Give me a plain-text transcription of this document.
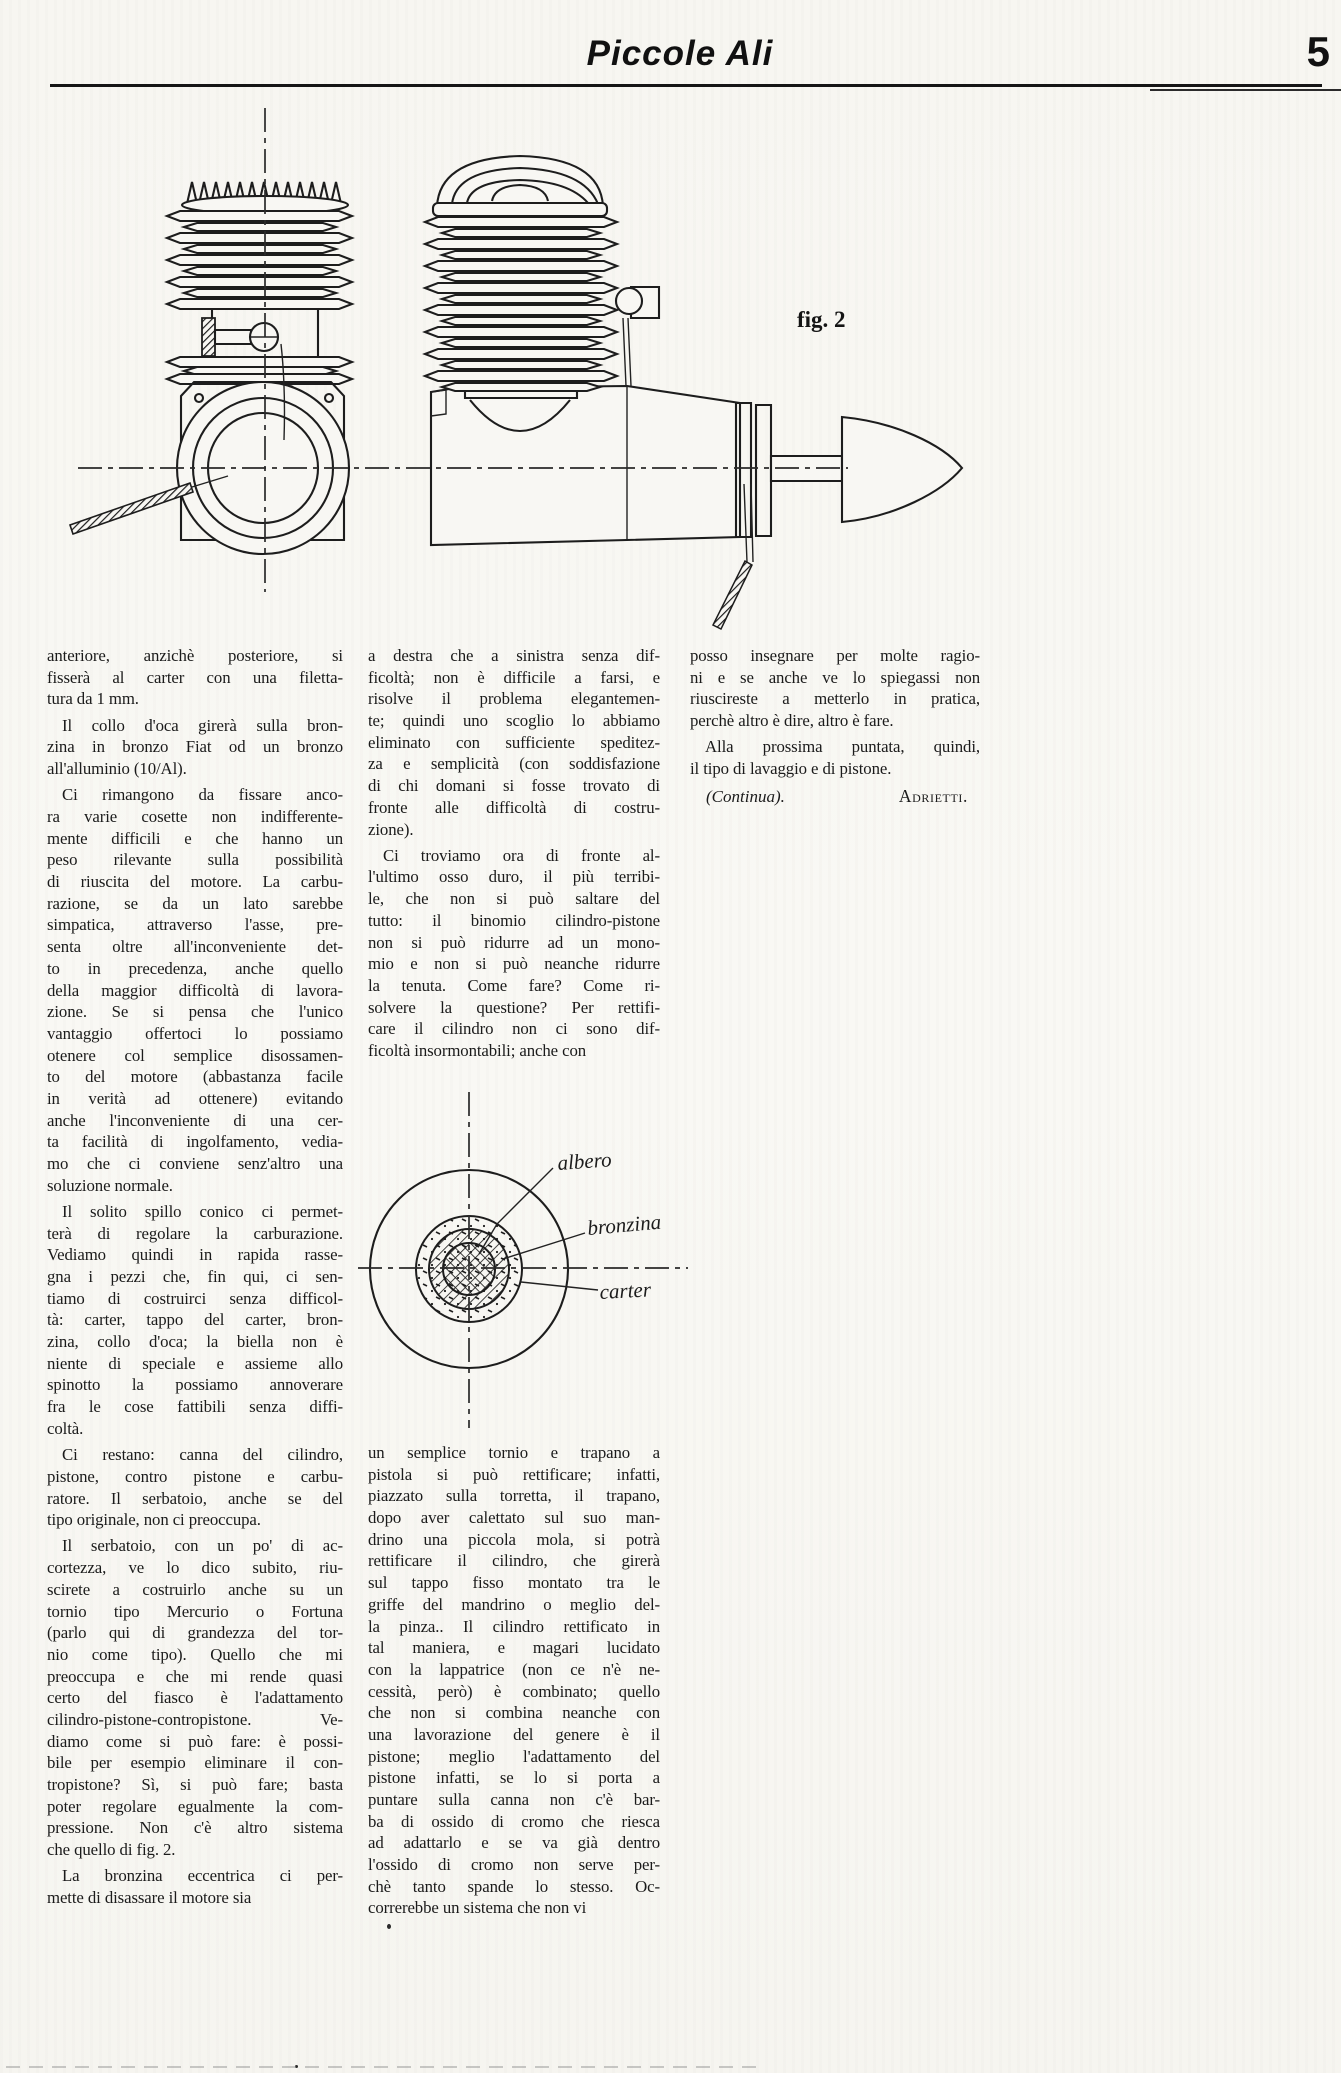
Piccole Ali	5
fig. 2
albero
bronzina
carter
anteriore, anzichè posteriore, si
fisserà al carter con una filetta-
tura da 1 mm.
Il collo d'oca girerà sulla bron-
zina in bronzo Fiat od un bronzo
all'alluminio (10/Al).
Ci rimangono da fissare anco-
ra varie cosette non indifferente-
mente difficili e che hanno un
peso rilevante sulla possibilità
di riuscita del motore. La carbu-
razione, se da un lato sarebbe
simpatica, attraverso l'asse, pre-
senta oltre all'inconveniente det-
to in precedenza, anche quello
della maggior difficoltà di lavora-
zione. Se si pensa che l'unico
vantaggio offertoci lo possiamo
otenere col semplice disossamen-
to del motore (abbastanza facile
in verità ad ottenere) evitando
anche l'inconveniente di una cer-
ta facilità di ingolfamento, vedia-
mo che ci conviene senz'altro una
soluzione normale.
Il solito spillo conico ci permet-
terà di regolare la carburazione.
Vediamo quindi in rapida rasse-
gna i pezzi che, fin qui, ci sen-
tiamo di costruirci senza difficol-
tà: carter, tappo del carter, bron-
zina, collo d'oca; la biella non è
niente di speciale e assieme allo
spinotto la possiamo annoverare
fra le cose fattibili senza diffi-
coltà.
Ci restano: canna del cilindro,
pistone, contro pistone e carbu-
ratore. Il serbatoio, anche se del
tipo originale, non ci preoccupa.
Il serbatoio, con un po' di ac-
cortezza, ve lo dico subito, riu-
scirete a costruirlo anche su un
tornio tipo Mercurio o Fortuna
(parlo qui di grandezza del tor-
nio come tipo). Quello che mi
preoccupa e che mi rende quasi
certo del fiasco è l'adattamento
cilindro-pistone-contropistone. Ve-
diamo come si può fare: è possi-
bile per esempio eliminare il con-
tropistone? Sì, si può fare; basta
poter regolare egualmente la com-
pressione. Non c'è altro sistema
che quello di fig. 2.
La bronzina eccentrica ci per-
mette di disassare il motore sia
a destra che a sinistra senza dif-
ficoltà; non è difficile a farsi, e
risolve il problema elegantemen-
te; quindi uno scoglio lo abbiamo
eliminato con sufficiente speditez-
za e semplicità (con soddisfazione
di chi domani si fosse trovato di
fronte alle difficoltà di costru-
zione).
Ci troviamo ora di fronte al-
l'ultimo osso duro, il più terribi-
le, che non si può saltare del
tutto: il binomio cilindro-pistone
non si può ridurre ad un mono-
mio e non si può neanche ridurre
la tenuta. Come fare? Come ri-
solvere la questione? Per rettifi-
care il cilindro non ci sono dif-
ficoltà insormontabili; anche con
un semplice tornio e trapano a
pistola si può rettificare; infatti,
piazzato sulla torretta, il trapano,
dopo aver calettato sul suo man-
drino una piccola mola, si potrà
rettificare il cilindro, che girerà
sul tappo fisso montato tra le
griffe del mandrino o meglio del-
la pinza.. Il cilindro rettificato in
tal maniera, e magari lucidato
con la lappatrice (non ce n'è ne-
cessità, però) è combinato; quello
che non si combina neanche con
una lavorazione del genere è il
pistone; meglio l'adattamento del
pistone infatti, se lo si porta a
puntare sulla canna non c'è bar-
ba di ossido di cromo che riesca
ad adattarlo e se va già dentro
l'ossido di cromo non serve per-
chè tanto spande lo stesso. Oc-
correrebbe un sistema che non vi
posso insegnare per molte ragio-
ni e se anche ve lo spiegassi non
riuscireste a metterlo in pratica,
perchè altro è dire, altro è fare.
Alla prossima puntata, quindi,
il tipo di lavaggio e di pistone.
(Continua).	Adrietti.
